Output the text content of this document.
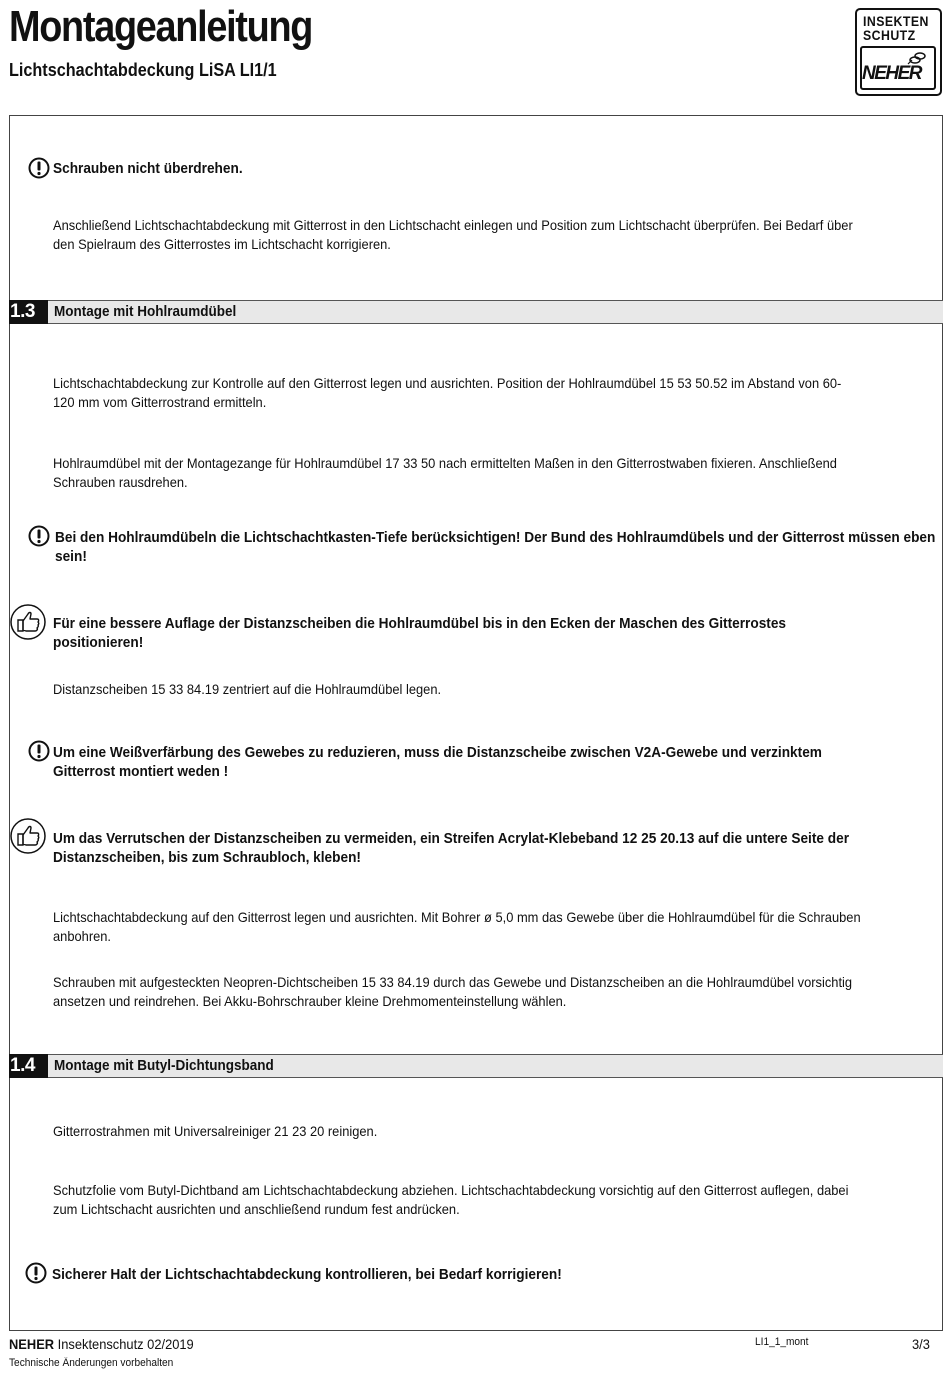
Montageanleitung
Lichtschachtabdeckung LiSA LI1/1
INSEKTEN
SCHUTZ
NEHER
Schrauben nicht überdrehen.
Anschließend Lichtschachtabdeckung mit Gitterrost in den Lichtschacht einlegen und Position zum Lichtschacht überprüfen. Bei Bedarf über den Spielraum des Gitterrostes im Lichtschacht korrigieren.
1.3 Montage mit Hohlraumdübel
Lichtschachtabdeckung zur Kontrolle auf den Gitterrost legen und ausrichten. Position der Hohlraumdübel 15 53 50.52 im Abstand von 60-120 mm vom Gitterrostrand ermitteln.
Hohlraumdübel mit der Montagezange für Hohlraumdübel 17 33 50 nach ermittelten Maßen in den Gitterrostwaben fixieren. Anschließend Schrauben rausdrehen.
Bei den Hohlraumdübeln die Lichtschachtkasten-Tiefe berücksichtigen! Der Bund des Hohlraumdübels und der Gitterrost müssen eben sein!
Für eine bessere Auflage der Distanzscheiben die Hohlraumdübel bis in den Ecken der Maschen des Gitterrostes positionieren!
Distanzscheiben 15 33 84.19 zentriert auf die Hohlraumdübel legen.
Um eine Weißverfärbung des Gewebes zu reduzieren, muss die Distanzscheibe zwischen V2A-Gewebe und verzinktem Gitterrost montiert weden !
Um das Verrutschen der Distanzscheiben zu vermeiden, ein Streifen Acrylat-Klebeband 12 25 20.13 auf die untere Seite der Distanzscheiben, bis zum Schraubloch, kleben!
Lichtschachtabdeckung auf den Gitterrost legen und ausrichten. Mit Bohrer ø 5,0 mm das Gewebe über die Hohlraumdübel für die Schrauben anbohren.
Schrauben mit aufgesteckten Neopren-Dichtscheiben 15 33 84.19 durch das Gewebe und Distanzscheiben an die Hohlraumdübel vorsichtig ansetzen und reindrehen. Bei Akku-Bohrschrauber kleine Drehmomenteinstellung wählen.
1.4 Montage mit Butyl-Dichtungsband
Gitterrostrahmen mit Universalreiniger 21 23 20 reinigen.
Schutzfolie vom Butyl-Dichtband am Lichtschachtabdeckung abziehen. Lichtschachtabdeckung vorsichtig auf den Gitterrost auflegen, dabei zum Lichtschacht ausrichten und anschließend rundum fest andrücken.
Sicherer Halt der Lichtschachtabdeckung kontrollieren, bei Bedarf korrigieren!
NEHER Insektenschutz 02/2019
Technische Änderungen vorbehalten
LI1_1_mont	3/3
